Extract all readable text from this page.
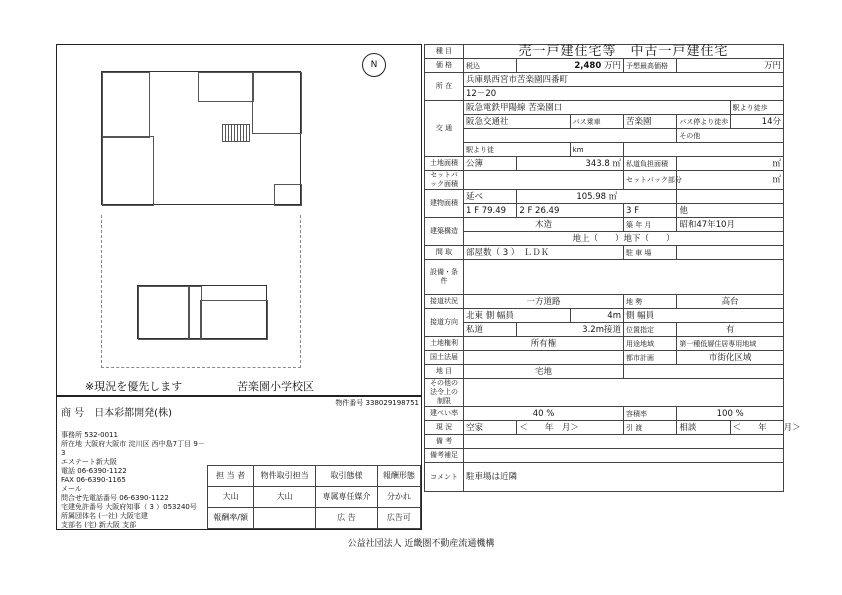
N
※現況を優先します	苦楽園小学校区
種 目	売一戸建住宅等　中古一戸建住宅					
価 格	税込	2,480 万円		予想最高価格	万円	
所 在	兵庫県西宮市苦楽園四番町					
	12－20					
交 通	阪急電鉄甲陽線 苦楽園口					駅より徒歩
	阪急交通社		バス乗車	苦楽園	バス停より徒歩	14分
					その他	
	駅より徒		km			
土地面積	公簿	343.8 ㎡		私道負担面積	㎡	
セットバック面積				セットバック部分	㎡	
建物面積	延べ	105.98 ㎡				
	1 F 79.49	2 F 26.49		3 F	他	
建築構造	木造			築 年 月	昭和47年10月	
	地上（　　）地下（　　）					
間 取	部屋数（ 3 ）　ＬＤＫ			駐 車 場		
設備・条件						
接道状況	一方道路			地 勢	高台	
接道方向	北東 側 幅員		4m	側 幅員		
	私道	3.2m接道		位置指定	有	
土地権利	所有権			用途地域	第一種低層住居専用地域	
国土法届				都市計画	市街化区域	
地 目	宅地					
その他の法令上の制限						
建ぺい率	40 %			容積率	100 %	
現 況	空家	＜　　年　月＞		引 渡	相談	＜　　年　　月＞
備 考						
備考補足						
コメント	駐車場は近隣					
物件番号 338029198751
商 号　 日本彩都開発(株)
事務所 532-0011
所在地 大阪府大阪市 淀川区 西中島7丁目 9－3
エステート新大阪
電話 06-6390-1122
FAX 06-6390-1165
メール
問合せ先電話番号 06-6390-1122
宅建免許番号 大阪府知事（ 3 ）053240号
所属団体名 (一社) 大阪宅建
支部名 (宅) 新大阪 支部
担 当 者	物件取引担当	取引態様	報酬形態
大山	大山	専属専任媒介	分かれ
報酬率/額		広 告	広告可
公益社団法人 近畿圏不動産流通機構
